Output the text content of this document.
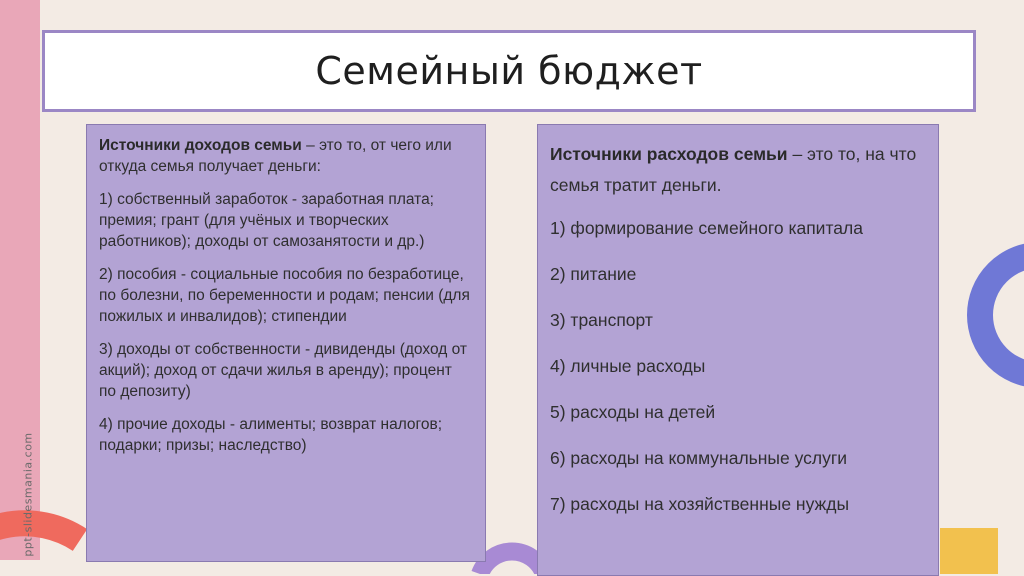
Семейный бюджет

Источники доходов семьи – это то, от чего или откуда семья получает деньги:

1) собственный заработок - заработная плата; премия; грант (для учёных и творческих работников); доходы от самозанятости и др.)

2) пособия - социальные пособия по безработице, по болезни, по беременности и родам; пенсии (для пожилых и инвалидов); стипендии

3) доходы от собственности - дивиденды (доход от акций); доход от сдачи жилья в аренду); процент по депозиту)

4) прочие доходы - алименты; возврат налогов; подарки; призы; наследство)

Источники расходов семьи – это то, на что семья тратит деньги.
1) формирование семейного капитала
2) питание
3) транспорт
4) личные расходы
5) расходы на детей
6) расходы на коммунальные услуги
7) расходы на хозяйственные нужды
ppt-slidesmania.com
